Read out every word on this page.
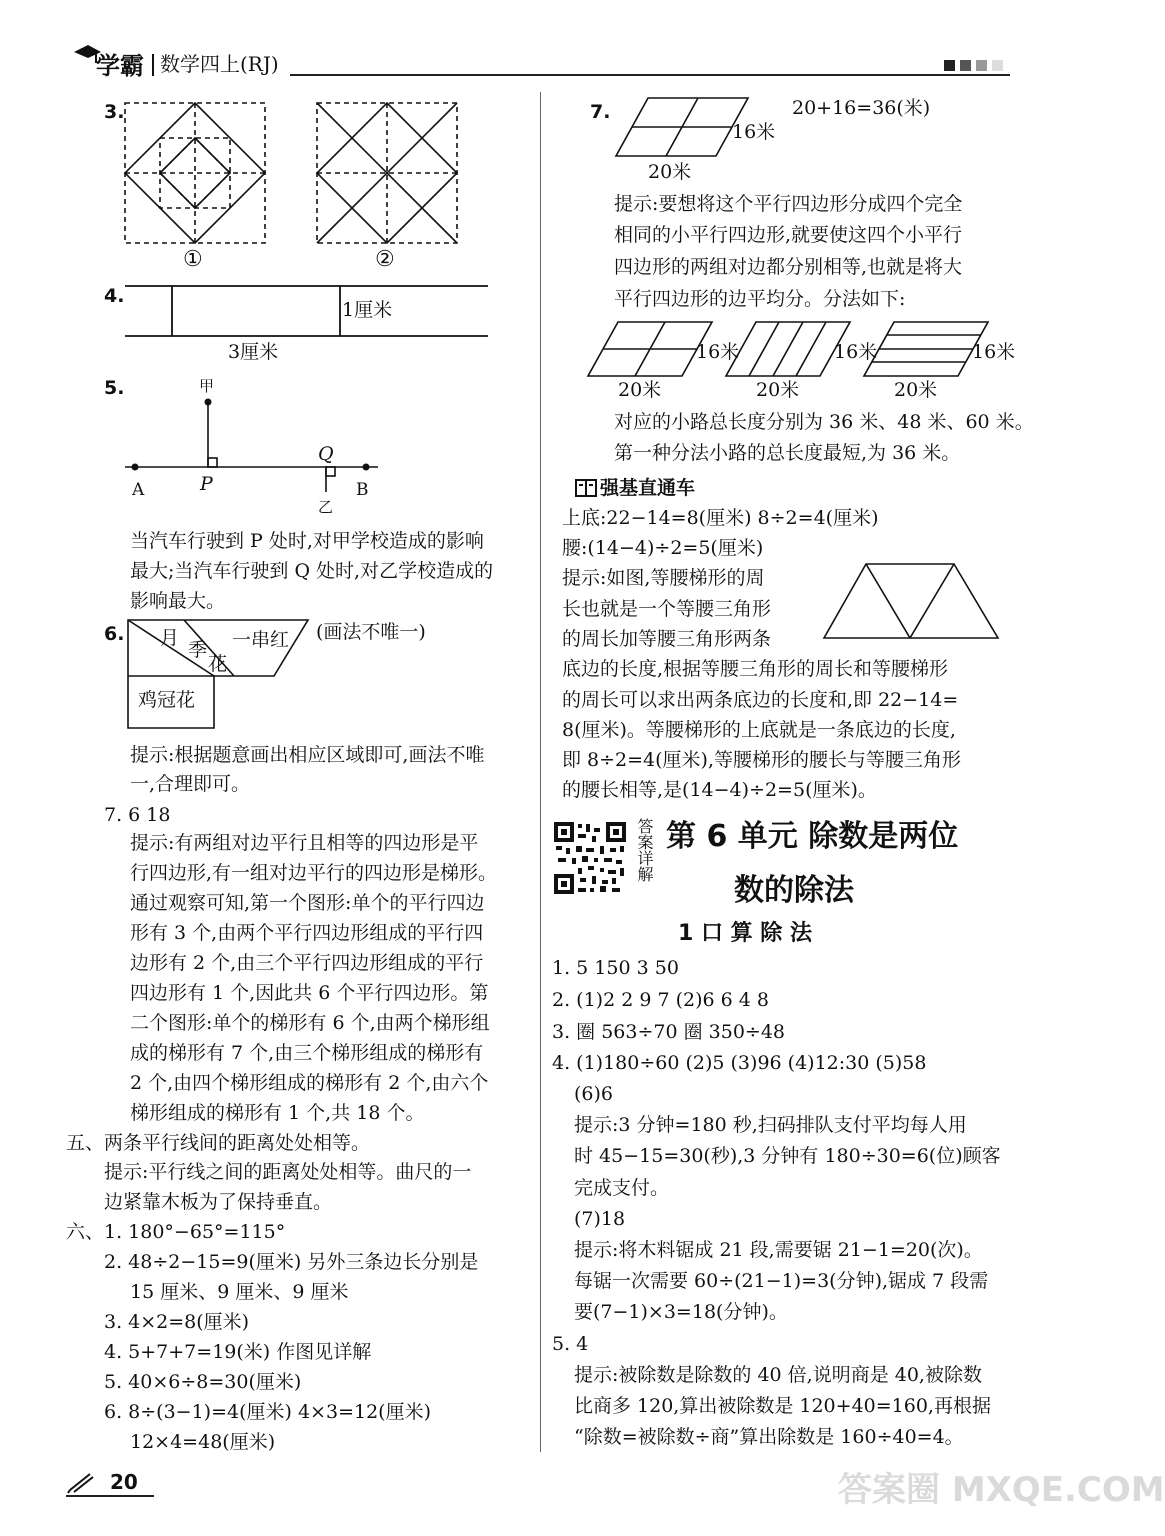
学霸 数学四上(RJ)
3.
①	②
4.
1厘米
3厘米
5.	甲
A	P
Q
B
乙
当汽车行驶到 P 处时,对甲学校造成的影响
最大;当汽车行驶到 Q 处时,对乙学校造成的
影响最大。
6. 月
季
花
一串红
鸡冠花
(画法不唯一)
提示:根据题意画出相应区域即可,画法不唯
一,合理即可。
7. 6 18
提示:有两组对边平行且相等的四边形是平
行四边形,有一组对边平行的四边形是梯形。
通过观察可知,第一个图形:单个的平行四边
形有 3 个,由两个平行四边形组成的平行四
边形有 2 个,由三个平行四边形组成的平行
四边形有 1 个,因此共 6 个平行四边形。第
二个图形:单个的梯形有 6 个,由两个梯形组
成的梯形有 7 个,由三个梯形组成的梯形有
2 个,由四个梯形组成的梯形有 2 个,由六个
梯形组成的梯形有 1 个,共 18 个。
五、两条平行线间的距离处处相等。
提示:平行线之间的距离处处相等。曲尺的一
边紧靠木板为了保持垂直。
六、1. 180°−65°=115°
2. 48÷2−15=9(厘米) 另外三条边长分别是
15 厘米、9 厘米、9 厘米
3. 4×2=8(厘米)
4. 5+7+7=19(米) 作图见详解
5. 40×6÷8=30(厘米)
6. 8÷(3−1)=4(厘米) 4×3=12(厘米)
12×4=48(厘米)
20
7.	20+16=36(米)
16米
20米
提示:要想将这个平行四边形分成四个完全
相同的小平行四边形,就要使这四个小平行
四边形的两组对边都分别相等,也就是将大
平行四边形的边平均分。分法如下:
16米	16米	16米
20米	20米	20米
对应的小路总长度分别为 36 米、48 米、60 米。
第一种分法小路的总长度最短,为 36 米。
强基直通车
上底:22−14=8(厘米) 8÷2=4(厘米)
腰:(14−4)÷2=5(厘米)
提示:如图,等腰梯形的周
长也就是一个等腰三角形
的周长加等腰三角形两条
底边的长度,根据等腰三角形的周长和等腰梯形
的周长可以求出两条底边的长度和,即 22−14=
8(厘米)。等腰梯形的上底就是一条底边的长度,
即 8÷2=4(厘米),等腰梯形的腰长与等腰三角形
的腰长相等,是(14−4)÷2=5(厘米)。
答案详解 第 6 单元 除数是两位
数的除法
1 口 算 除 法
1. 5 150 3 50
2. (1)2 2 9 7 (2)6 6 4 8
3. 圈 563÷70 圈 350÷48
4. (1)180÷60 (2)5 (3)96 (4)12:30 (5)58
(6)6
提示:3 分钟=180 秒,扫码排队支付平均每人用
时 45−15=30(秒),3 分钟有 180÷30=6(位)顾客
完成支付。
(7)18
提示:将木料锯成 21 段,需要锯 21−1=20(次)。
每锯一次需要 60÷(21−1)=3(分钟),锯成 7 段需
要(7−1)×3=18(分钟)。
5. 4
提示:被除数是除数的 40 倍,说明商是 40,被除数
比商多 120,算出被除数是 120+40=160,再根据
“除数=被除数÷商”算出除数是 160÷40=4。
答案圈 MXQE.COM
